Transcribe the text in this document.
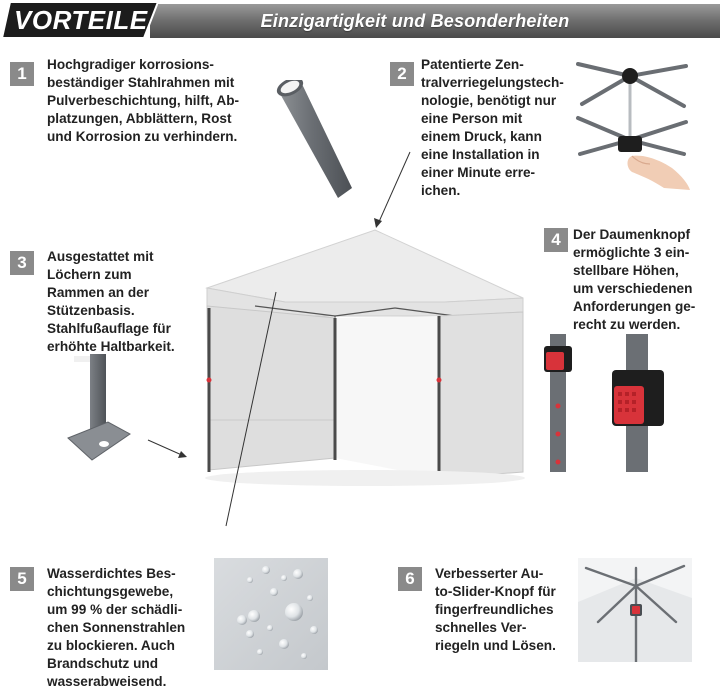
VORTEILE	Einzigartigkeit und Besonderheiten
1	Hochgradiger korrosions-
beständiger Stahlrahmen mit
Pulverbeschichtung, hilft, Ab-
platzungen, Abblättern, Rost
und Korrosion zu verhindern.
2	Patentierte Zen-
tralverriegelungstech-
nologie, benötigt nur
eine Person mit
einem Druck, kann
eine Installation in
einer Minute erre-
ichen.
3	Ausgestattet mit
Löchern zum
Rammen an der
Stützenbasis.
Stahlfußauflage für
erhöhte Haltbarkeit.
4 Der Daumenknopf
ermöglichte 3 ein-
stellbare Höhen,
um verschiedenen
Anforderungen ge-
recht zu werden.
5	Wasserdichtes Bes-
chichtungsgewebe,
um 99 % der schädli-
chen Sonnenstrahlen
zu blockieren. Auch
Brandschutz und
wasserabweisend.
6	Verbesserter Au-
to-Slider-Knopf für
fingerfreundliches
schnelles Ver-
riegeln und Lösen.
